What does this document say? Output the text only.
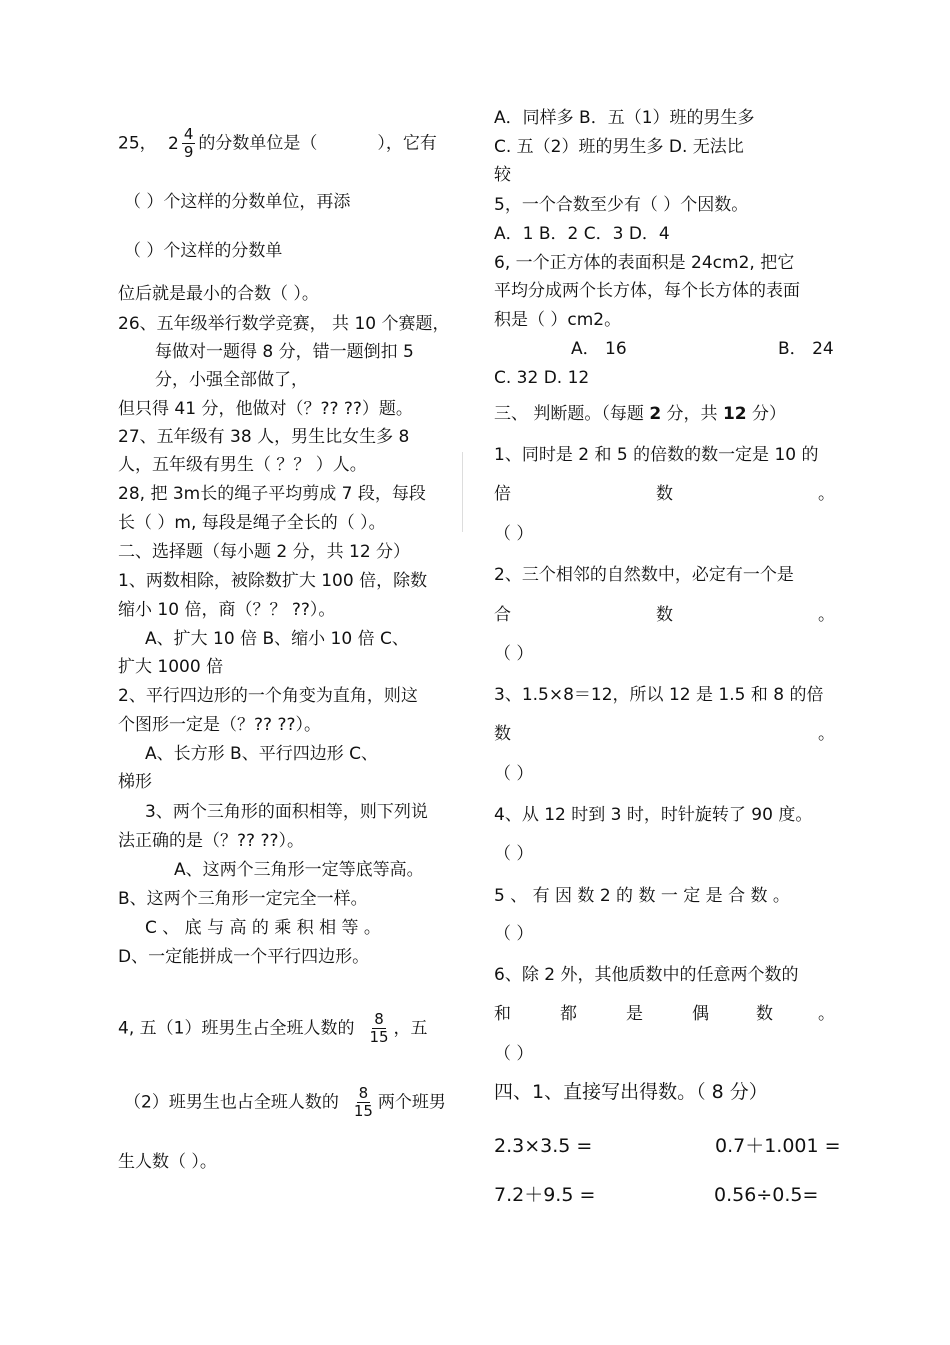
25， $2 \frac{4}{9}$ 的分数单位是（	），它有
（ ）个这样的分数单位，再添
（ ）个这样的分数单
位后就是最小的合数（ ）。
26、五年级举行数学竞赛， 共 10 个赛题，
每做对一题得 8 分，错一题倒扣 5
分，小强全部做了，
但只得 41 分，他做对（？?? ??）题。
27、五年级有 38 人，男生比女生多 8
人，五年级有男生（ ？？ ）人。
28, 把 3m长的绳子平均剪成 7 段，每段
长（ ）m, 每段是绳子全长的（ ）。
二、选择题（每小题 2 分，共 12 分）
1、两数相除，被除数扩大 100 倍，除数
缩小 10 倍，商（？？ ??）。
A、扩大 10 倍 B、缩小 10 倍 C、
扩大 1000 倍
2、平行四边形的一个角变为直角，则这
个图形一定是（？?? ??）。
A、长方形 B、平行四边形 C、
梯形
3、两个三角形的面积相等，则下列说
法正确的是（？?? ??）。
A、这两个三角形一定等底等高。
B、这两个三角形一定完全一样。
C 、 底 与 高 的 乘 积 相 等 。
D、一定能拼成一个平行四边形。
4, 五（1）班男生占全班人数的 $\frac{8}{15}$ ，五
（2）班男生也占全班人数的 $\frac{8}{15}$ 两个班男
生人数（ ）。
A．同样多 B．五（1）班的男生多
C. 五（2）班的男生多 D. 无法比
较
5，一个合数至少有（ ）个因数。
A．1 B．2 C．3 D．4
6, 一个正方体的表面积是 24cm2, 把它
平均分成两个长方体，每个长方体的表面
积是（ ）cm2。
A． 16	B． 24
C. 32 D. 12
三、 判断题。（每题 2 分，共 12 分）
1、同时是 2 和 5 的倍数的数一定是 10 的
倍	数	。
（ ）
2、三个相邻的自然数中，必定有一个是
合	数	。
（ ）
3、1.5×8＝12，所以 12 是 1.5 和 8 的倍
数	。
（ ）
4、从 12 时到 3 时，时针旋转了 90 度。
（ ）
5 、 有 因 数 2 的 数 一 定 是 合 数 。
（ ）
6、除 2 外，其他质数中的任意两个数的
和	都	是	偶	数	。
（ ）
四、1、直接写出得数。（ 8 分）
2.3×3.5 =	0.7＋1.001 =
7.2＋9.5 =	0.56÷0.5=
